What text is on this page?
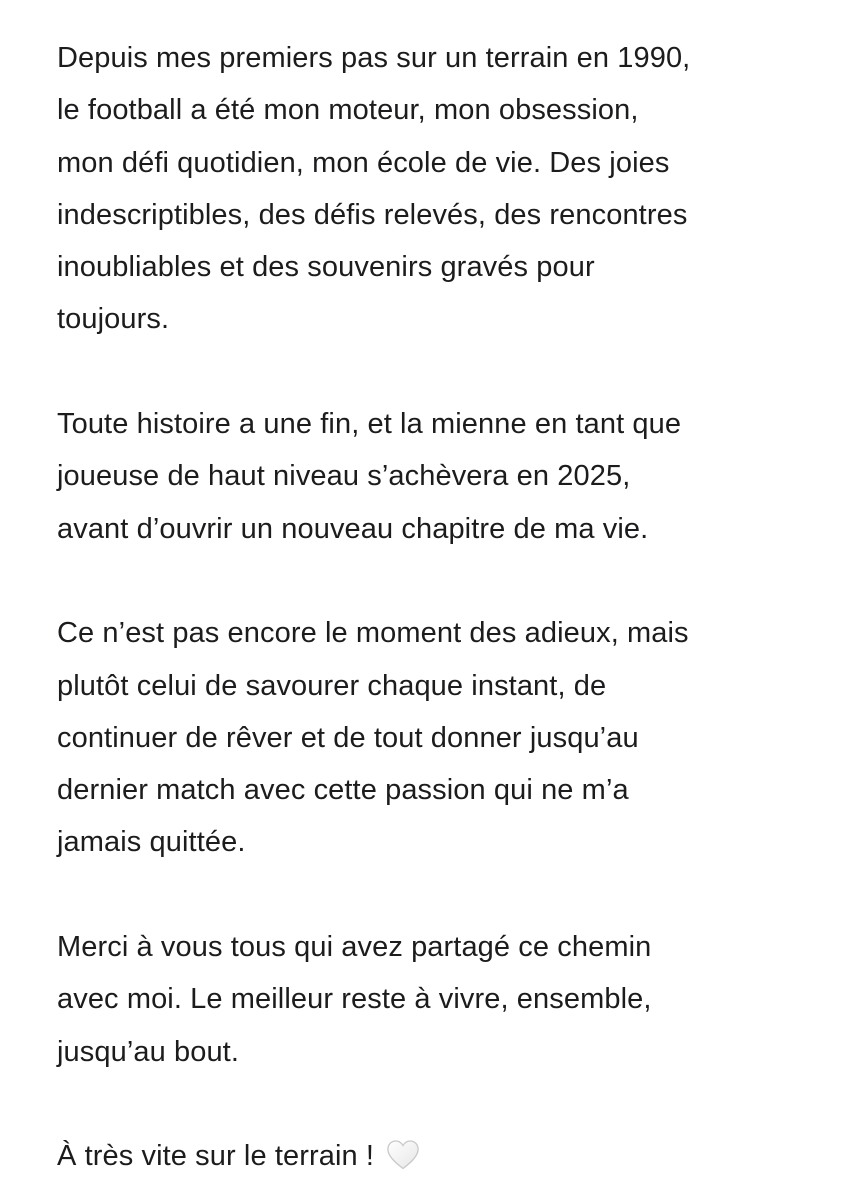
Depuis mes premiers pas sur un terrain en 1990,
le football a été mon moteur, mon obsession,
mon défi quotidien, mon école de vie. Des joies
indescriptibles, des défis relevés, des rencontres
inoubliables et des souvenirs gravés pour
toujours.
Toute histoire a une fin, et la mienne en tant que
joueuse de haut niveau s’achèvera en 2025,
avant d’ouvrir un nouveau chapitre de ma vie.
Ce n’est pas encore le moment des adieux, mais
plutôt celui de savourer chaque instant, de
continuer de rêver et de tout donner jusqu’au
dernier match avec cette passion qui ne m’a
jamais quittée.
Merci à vous tous qui avez partagé ce chemin
avec moi. Le meilleur reste à vivre, ensemble,
jusqu’au bout.
À très vite sur le terrain !
